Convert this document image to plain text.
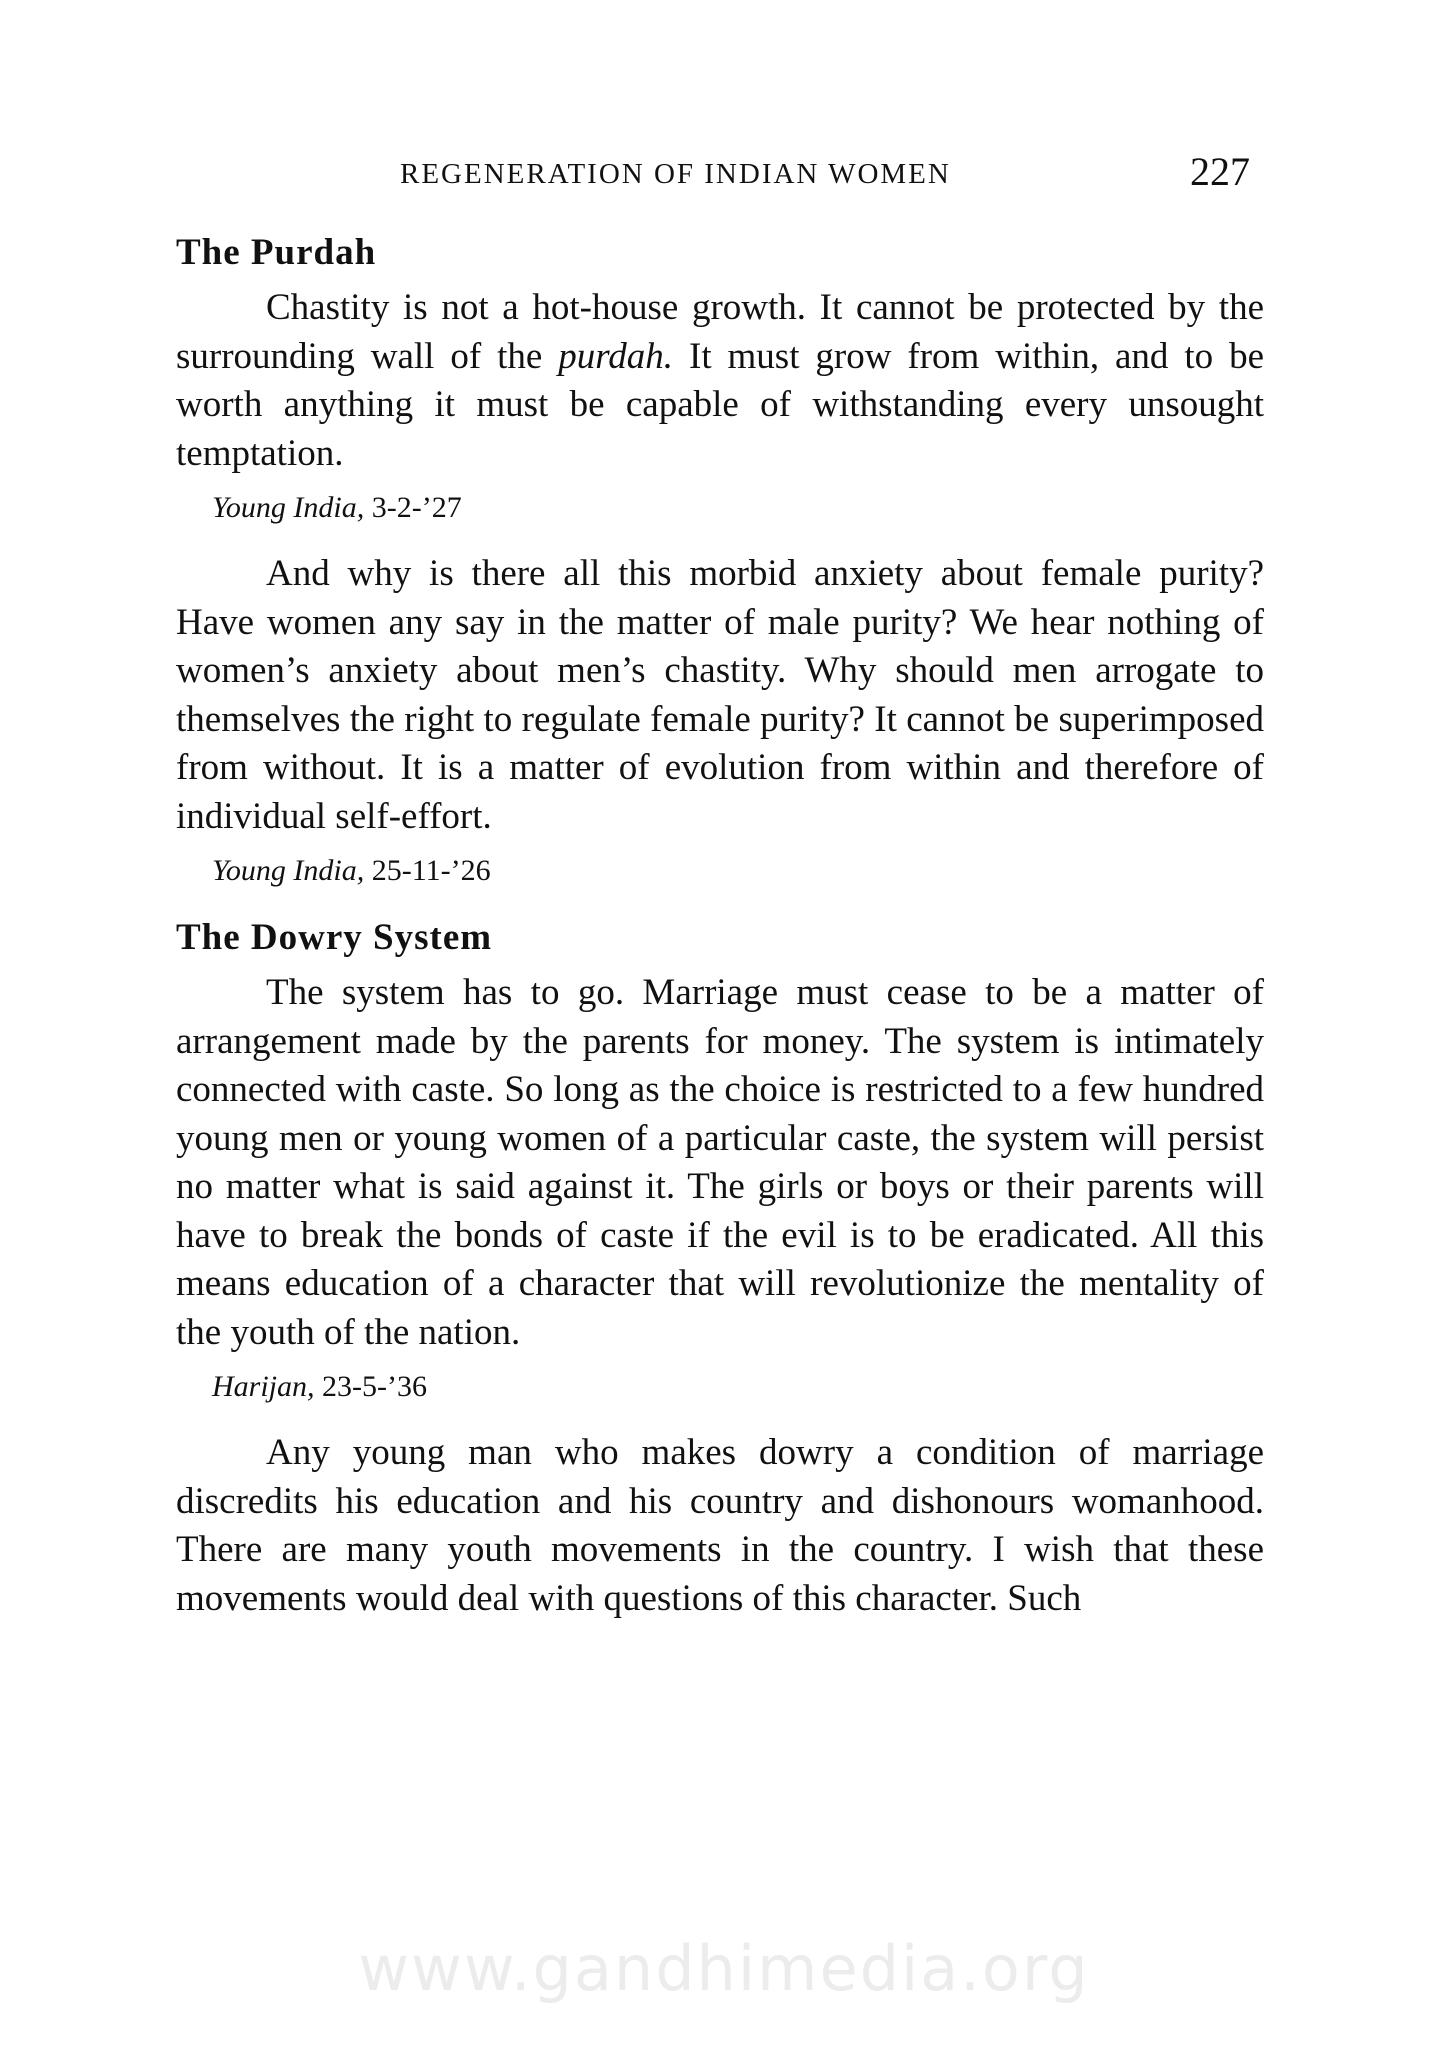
REGENERATION OF INDIAN WOMEN	227
The Purdah

Chastity is not a hot-house growth. It cannot be protected by the surrounding wall of the purdah. It must grow from within, and to be worth anything it must be capable of withstanding every unsought temptation.

Young India, 3-2-’27

And why is there all this morbid anxiety about female purity? Have women any say in the matter of male purity? We hear nothing of women’s anxiety about men’s chastity. Why should men arrogate to themselves the right to regulate female purity? It cannot be superimposed from without. It is a matter of evolution from within and therefore of individual self-effort.

Young India, 25-11-’26
The Dowry System

The system has to go. Marriage must cease to be a matter of arrangement made by the parents for money. The system is intimately connected with caste. So long as the choice is restricted to a few hundred young men or young women of a particular caste, the system will persist no matter what is said against it. The girls or boys or their parents will have to break the bonds of caste if the evil is to be eradicated. All this means education of a character that will revolutionize the mentality of the youth of the nation.

Harijan, 23-5-’36

Any young man who makes dowry a condition of marriage discredits his education and his country and dishonours womanhood. There are many youth movements in the country. I wish that these movements would deal with questions of this character. Such

www.gandhimedia.org
